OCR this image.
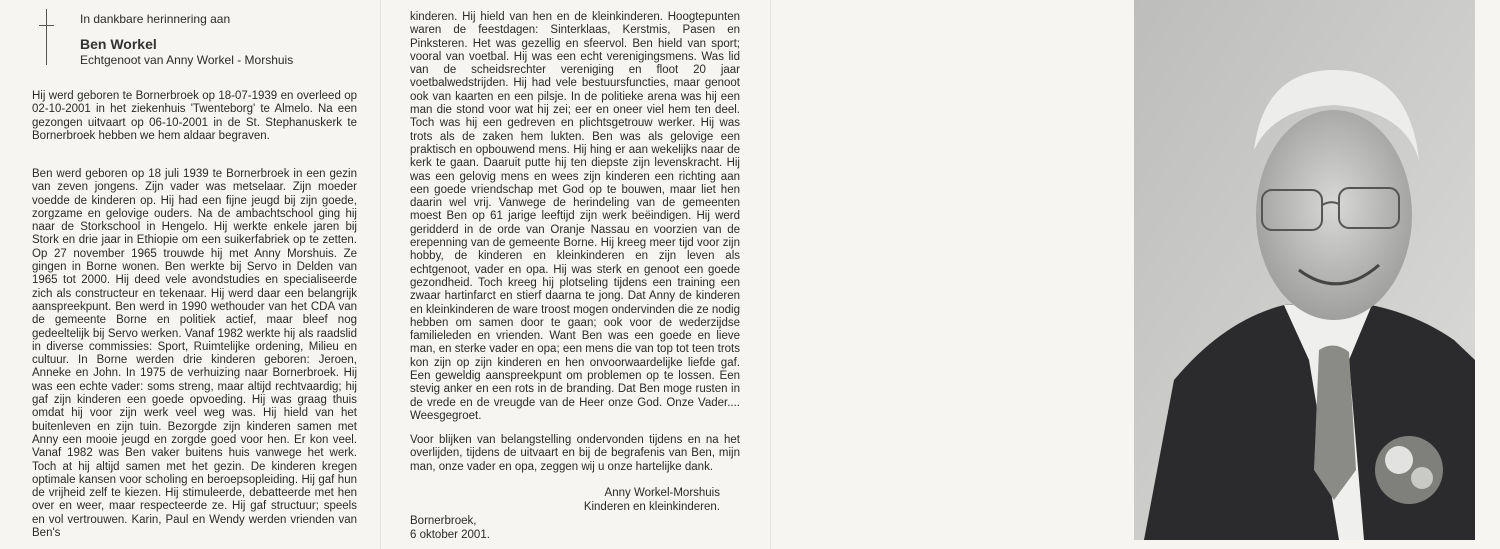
In dankbare herinnering aan

Ben Workel

Echtgenoot van Anny Workel - Morshuis

Hij werd geboren te Bornerbroek op 18-07-1939 en overleed op 02-10-2001 in het ziekenhuis 'Twenteborg' te Almelo. Na een gezongen uitvaart op 06-10-2001 in de St. Stephanuskerk te Bornerbroek hebben we hem aldaar begraven.

Ben werd geboren op 18 juli 1939 te Bornerbroek in een gezin van zeven jongens. Zijn vader was metselaar. Zijn moeder voedde de kinderen op. Hij had een fijne jeugd bij zijn goede, zorgzame en gelovige ouders. Na de ambachtschool ging hij naar de Storkschool in Hengelo. Hij werkte enkele jaren bij Stork en drie jaar in Ethiopie om een suikerfabriek op te zetten. Op 27 november 1965 trouwde hij met Anny Morshuis. Ze gingen in Borne wonen. Ben werkte bij Servo in Delden van 1965 tot 2000. Hij deed vele avondstudies en specialiseerde zich als constructeur en tekenaar. Hij werd daar een belangrijk aanspreekpunt. Ben werd in 1990 wethouder van het CDA van de gemeente Borne en politiek actief, maar bleef nog gedeeltelijk bij Servo werken. Vanaf 1982 werkte hij als raadslid in diverse commissies: Sport, Ruimtelijke ordening, Milieu en cultuur. In Borne werden drie kinderen geboren: Jeroen, Anneke en John. In 1975 de verhuizing naar Bornerbroek. Hij was een echte vader: soms streng, maar altijd rechtvaardig; hij gaf zijn kinderen een goede opvoeding. Hij was graag thuis omdat hij voor zijn werk veel weg was. Hij hield van het buitenleven en zijn tuin. Bezorgde zijn kinderen samen met Anny een mooie jeugd en zorgde goed voor hen. Er kon veel. Vanaf 1982 was Ben vaker buitens huis vanwege het werk. Toch at hij altijd samen met het gezin. De kinderen kregen optimale kansen voor scholing en beroepsopleiding. Hij gaf hun de vrijheid zelf te kiezen. Hij stimuleerde, debatteerde met hen over en weer, maar respecteerde ze. Hij gaf structuur; speels en vol vertrouwen. Karin, Paul en Wendy werden vrienden van Ben's

kinderen. Hij hield van hen en de kleinkinderen. Hoogtepunten waren de feestdagen: Sinterklaas, Kerstmis, Pasen en Pinksteren. Het was gezellig en sfeervol. Ben hield van sport; vooral van voetbal. Hij was een echt verenigingsmens. Was lid van de scheidsrechter vereniging en floot 20 jaar voetbalwedstrijden. Hij had vele bestuursfuncties, maar genoot ook van kaarten en een pilsje. In de politieke arena was hij een man die stond voor wat hij zei; eer en oneer viel hem ten deel. Toch was hij een gedreven en plichtsgetrouw werker. Hij was trots als de zaken hem lukten. Ben was als gelovige een praktisch en opbouwend mens. Hij hing er aan wekelijks naar de kerk te gaan. Daaruit putte hij ten diepste zijn levenskracht. Hij was een gelovig mens en wees zijn kinderen een richting aan een goede vriendschap met God op te bouwen, maar liet hen daarin wel vrij. Vanwege de herindeling van de gemeenten moest Ben op 61 jarige leeftijd zijn werk beëindigen. Hij werd geridderd in de orde van Oranje Nassau en voorzien van de erepenning van de gemeente Borne. Hij kreeg meer tijd voor zijn hobby, de kinderen en kleinkinderen en zijn leven als echtgenoot, vader en opa. Hij was sterk en genoot een goede gezondheid. Toch kreeg hij plotseling tijdens een training een zwaar hartinfarct en stierf daarna te jong. Dat Anny de kinderen en kleinkinderen de ware troost mogen ondervinden die ze nodig hebben om samen door te gaan; ook voor de wederzijdse familieleden en vrienden. Want Ben was een goede en lieve man, en sterke vader en opa; een mens die van top tot teen trots kon zijn op zijn kinderen en hen onvoorwaardelijke liefde gaf. Een geweldig aanspreekpunt om problemen op te lossen. Een stevig anker en een rots in de branding. Dat Ben moge rusten in de vrede en de vreugde van de Heer onze God. Onze Vader.... Weesgegroet.

Voor blijken van belangstelling ondervonden tijdens en na het overlijden, tijdens de uitvaart en bij de begrafenis van Ben, mijn man, onze vader en opa, zeggen wij u onze hartelijke dank.

Anny Workel-Morshuis
Kinderen en kleinkinderen.
Bornerbroek,
6 oktober 2001.
